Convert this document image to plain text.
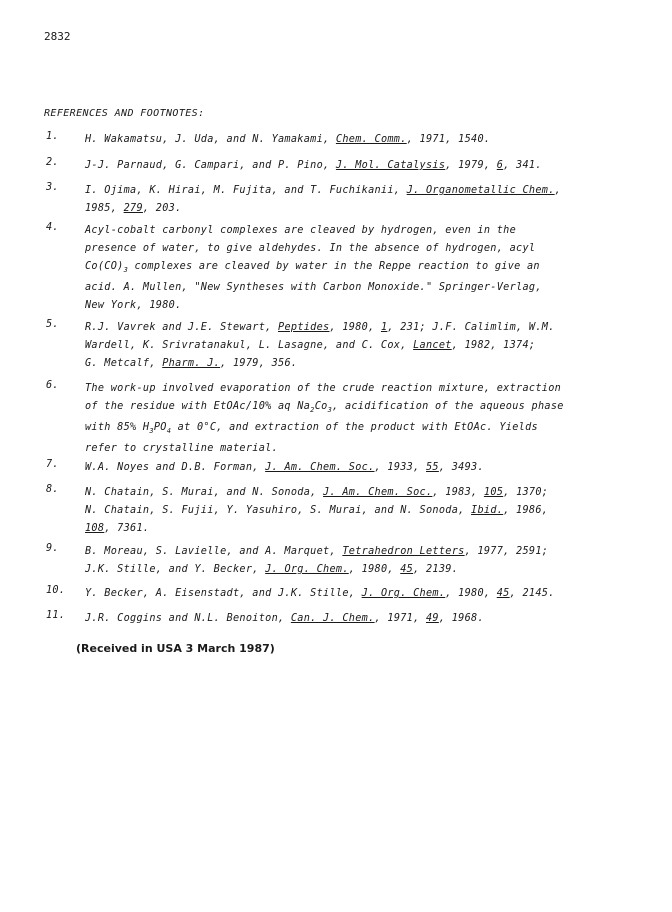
2832
REFERENCES AND FOOTNOTES:
1.	H. Wakamatsu, J. Uda, and N. Yamakami, Chem. Comm., 1971, 1540.
2.	J-J. Parnaud, G. Campari, and P. Pino, J. Mol. Catalysis, 1979, 6, 341.
3.	I. Ojima, K. Hirai, M. Fujita, and T. Fuchikanii, J. Organometallic Chem.,
1985, 279, 203.
4.	Acyl-cobalt carbonyl complexes are cleaved by hydrogen, even in the
presence of water, to give aldehydes. In the absence of hydrogen, acyl
$Co(CO)_3$ complexes are cleaved by water in the Reppe reaction to give an
acid. A. Mullen, "New Syntheses with Carbon Monoxide." Springer-Verlag,
New York, 1980.
5.	R.J. Vavrek and J.E. Stewart, Peptides, 1980, 1, 231; J.F. Calimlim, W.M.
Wardell, K. Srivratanakul, L. Lasagne, and C. Cox, Lancet, 1982, 1374;
G. Metcalf, Pharm. J., 1979, 356.
6.	The work-up involved evaporation of the crude reaction mixture, extraction
of the residue with EtOAc/10% aq $Na_2Co_3$, acidification of the aqueous phase
with 85% $H_3PO_4$ at 0°C, and extraction of the product with EtOAc. Yields
refer to crystalline material.
7.	W.A. Noyes and D.B. Forman, J. Am. Chem. Soc., 1933, 55, 3493.
8.	N. Chatain, S. Murai, and N. Sonoda, J. Am. Chem. Soc., 1983, 105, 1370;
N. Chatain, S. Fujii, Y. Yasuhiro, S. Murai, and N. Sonoda, Ibid., 1986,
108, 7361.
9.	B. Moreau, S. Lavielle, and A. Marquet, Tetrahedron Letters, 1977, 2591;
J.K. Stille, and Y. Becker, J. Org. Chem., 1980, 45, 2139.
10.	Y. Becker, A. Eisenstadt, and J.K. Stille, J. Org. Chem., 1980, 45, 2145.
11.	J.R. Coggins and N.L. Benoiton, Can. J. Chem., 1971, 49, 1968.
(Received in USA 3 March 1987)
